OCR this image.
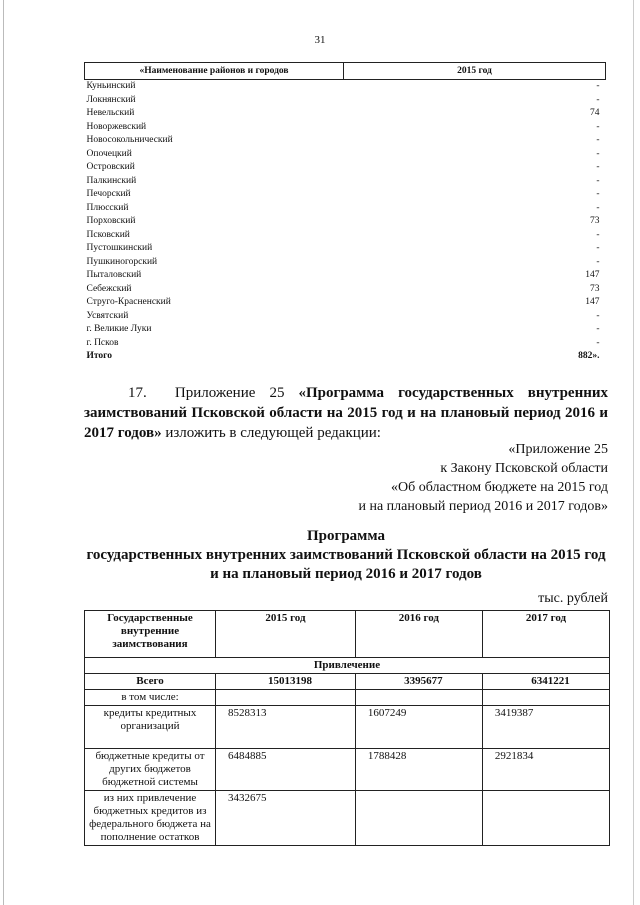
31
«Наименование районов и городов	2015 год
Куньинский	-
Локнянский	-
Невельский	74
Новоржевский	-
Новосокольнический	-
Опочецкий	-
Островский	-
Палкинский	-
Печорский	-
Плюсский	-
Порховский	73
Псковский	-
Пустошкинский	-
Пушкиногорский	-
Пыталовский	147
Себежский	73
Струго-Красненский	147
Усвятский	-
г. Великие Луки	-
г. Псков	-
Итого	882».

17. Приложение 25 «Программа государственных внутренних заимствований Псковской области на 2015 год и на плановый период 2016 и 2017 годов» изложить в следующей редакции:

«Приложение 25
к Закону Псковской области
«Об областном бюджете на 2015 год
и на плановый период 2016 и 2017 годов»
Программа
государственных внутренних заимствований Псковской области на 2015 год
и на плановый период 2016 и 2017 годов
тыс. рублей
Государственные внутренние заимствования	2015 год	2016 год	2017 год
Привлечение			
Всего	15013198	3395677	6341221
в том числе:			
кредиты кредитных организаций	8528313	1607249	3419387
бюджетные кредиты от других бюджетов бюджетной системы	6484885	1788428	2921834
из них привлечение бюджетных кредитов из федерального бюджета на пополнение остатков	3432675		
